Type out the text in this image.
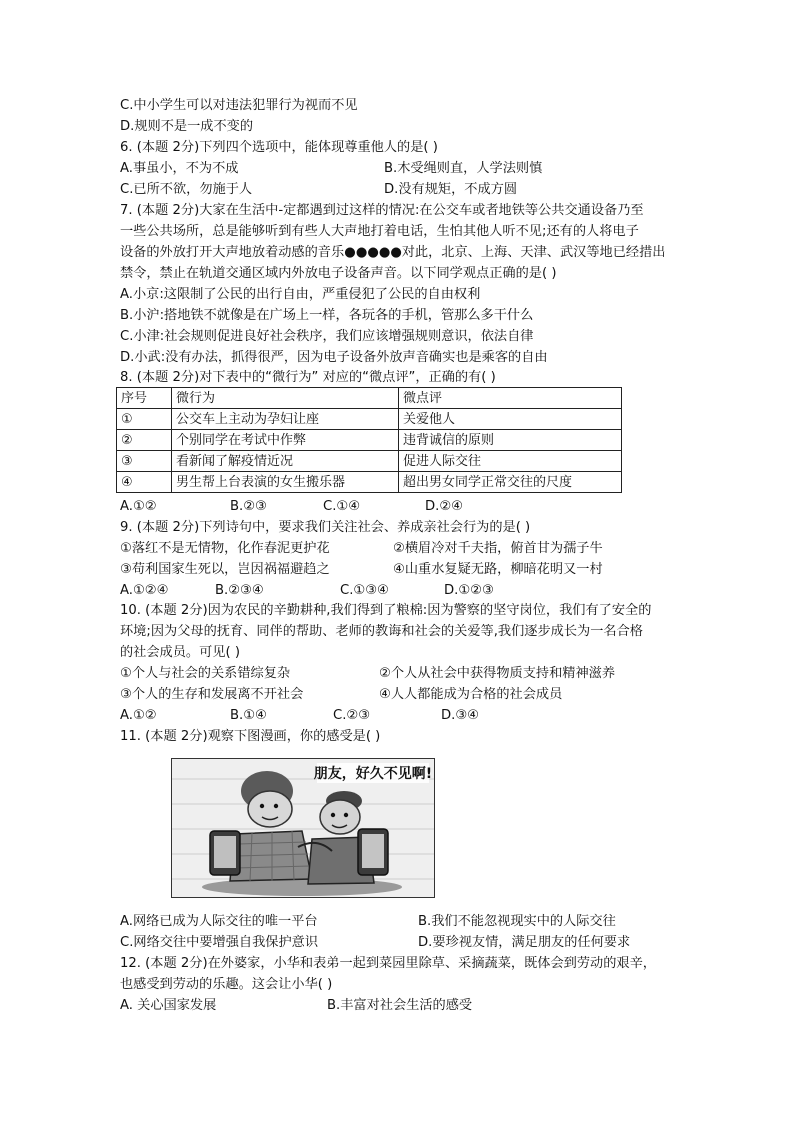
C.中小学生可以对违法犯罪行为视而不见
D.规则不是一成不变的
6. (本题 2分)下列四个选项中，能体现尊重他人的是( )
A.事虽小，不为不成	B.木受绳则直，人学法则慎
C.已所不欲，勿施于人	D.没有规矩，不成方圆
7. (本题 2分)大家在生活中-定都遇到过这样的情况:在公交车或者地铁等公共交通设备乃至
一些公共场所，总是能够听到有些人大声地打着电话，生怕其他人听不见;还有的人将电子
设备的外放打开大声地放着动感的音乐●●●●●对此，北京、上海、天津、武汉等地已经措出
禁令，禁止在轨道交通区域内外放电子设备声音。以下同学观点正确的是( )
A.小京:这限制了公民的出行自由，严重侵犯了公民的自由权利
B.小沪:搭地铁不就像是在广场上一样，各玩各的手机，管那么多干什么
C.小津:社会规则促进良好社会秩序，我们应该增强规则意识，依法自律
D.小武:没有办法，抓得很严，因为电子设备外放声音确实也是乘客的自由
8. (本题 2分)对下表中的“微行为” 对应的“微点评”，正确的有( )
序号	微行为	微点评
①	公交车上主动为孕妇让座	关爱他人
②	个别同学在考试中作弊	违背诚信的原则
③	看新闻了解疫情近况	促进人际交往
④	男生帮上台表演的女生搬乐器	超出男女同学正常交往的尺度
A.①②	B.②③	C.①④	D.②④
9. (本题 2分)下列诗句中，要求我们关注社会、养成亲社会行为的是( )
①落红不是无情物，化作春泥更护花	②横眉冷对千夫指，俯首甘为孺子牛
③苟利国家生死以，岂因祸福避趋之	④山重水复疑无路，柳暗花明又一村
A.①②④	B.②③④	C.①③④	D.①②③
10. (本题 2分)因为农民的辛勤耕种,我们得到了粮棉:因为警察的坚守岗位，我们有了安全的
环境;因为父母的抚育、同伴的帮助、老师的教诲和社会的关爱等,我们逐步成长为一名合格
的社会成员。可见( )
①个人与社会的关系错综复杂	②个人从社会中获得物质支持和精神滋养
③个人的生存和发展离不开社会	④人人都能成为合格的社会成员
A.①②	B.①④	C.②③	D.③④
11. (本题 2分)观察下图漫画，你的感受是( )
朋友，好久不见啊!
A.网络已成为人际交往的唯一平台	B.我们不能忽视现实中的人际交往
C.网络交往中要增强自我保护意识	D.要珍视友情，满足朋友的任何要求
12. (本题 2分)在外婆家，小华和表弟一起到菜园里除草、采摘蔬菜，既体会到劳动的艰辛，
也感受到劳动的乐趣。这会让小华( )
A. 关心国家发展	B.丰富对社会生活的感受
